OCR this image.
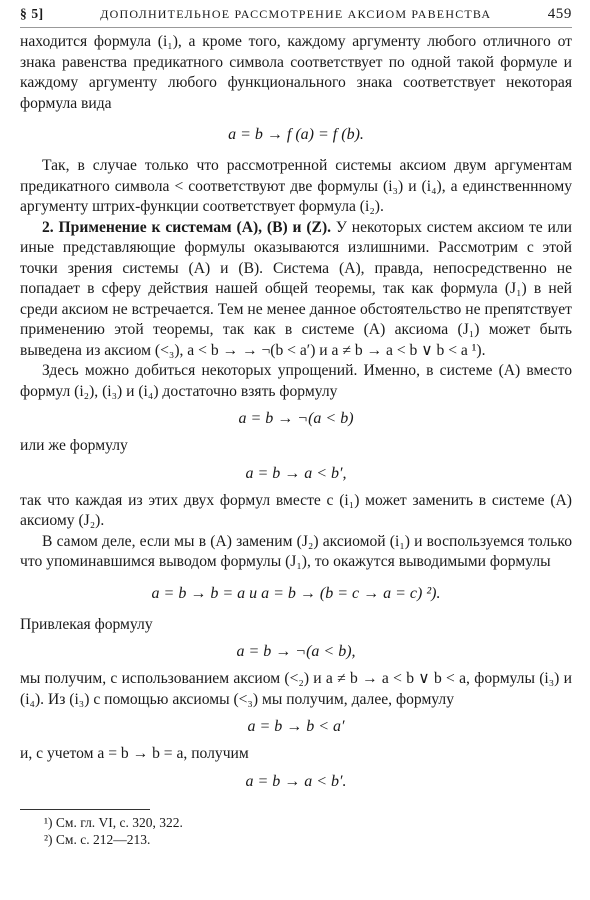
§ 5]	ДОПОЛНИТЕЛЬНОЕ РАССМОТРЕНИЕ АКСИОМ РАВЕНСТВА	459

находится формула (i₁), а кроме того, каждому аргументу любого отличного от знака равенства предикатного символа соответствует по одной такой формуле и каждому аргументу любого функционального знака соответствует некоторая формула вида

a = b → f (a) = f (b).

Так, в случае только что рассмотренной системы аксиом двум аргументам предикатного символа < соответствуют две формулы (i₃) и (i₄), а единственнному аргументу штрих-функции соответствует формула (i₂).

2. Применение к системам (A), (B) и (Z). У некоторых систем аксиом те или иные представляющие формулы оказываются излишними. Рассмотрим с этой точки зрения системы (A) и (B). Система (A), правда, непосредственно не попадает в сферу действия нашей общей теоремы, так как формула (J₁) в ней среди аксиом не встречается. Тем не менее данное обстоятельство не препятствует применению этой теоремы, так как в системе (A) аксиома (J₁) может быть выведена из аксиом (<₃), a < b → → ¬(b < a′) и a ≠ b → a < b ∨ b < a ¹).

Здесь можно добиться некоторых упрощений. Именно, в системе (A) вместо формул (i₂), (i₃) и (i₄) достаточно взять формулу

a = b → ¬(a < b)

или же формулу

a = b → a < b′,

так что каждая из этих двух формул вместе с (i₁) может заменить в системе (A) аксиому (J₂).

В самом деле, если мы в (A) заменим (J₂) аксиомой (i₁) и воспользуемся только что упоминавшимся выводом формулы (J₁), то окажутся выводимыми формулы

a = b → b = a и a = b → (b = c → a = c) ²).

Привлекая формулу

a = b → ¬(a < b),

мы получим, с использованием аксиом (<₂) и a ≠ b → a < b ∨ b < a, формулы (i₃) и (i₄). Из (i₃) с помощью аксиомы (<₃) мы получим, далее, формулу

a = b → b < a′

и, с учетом a = b → b = a, получим

a = b → a < b′.
¹) См. гл. VI, с. 320, 322.
²) См. с. 212—213.
